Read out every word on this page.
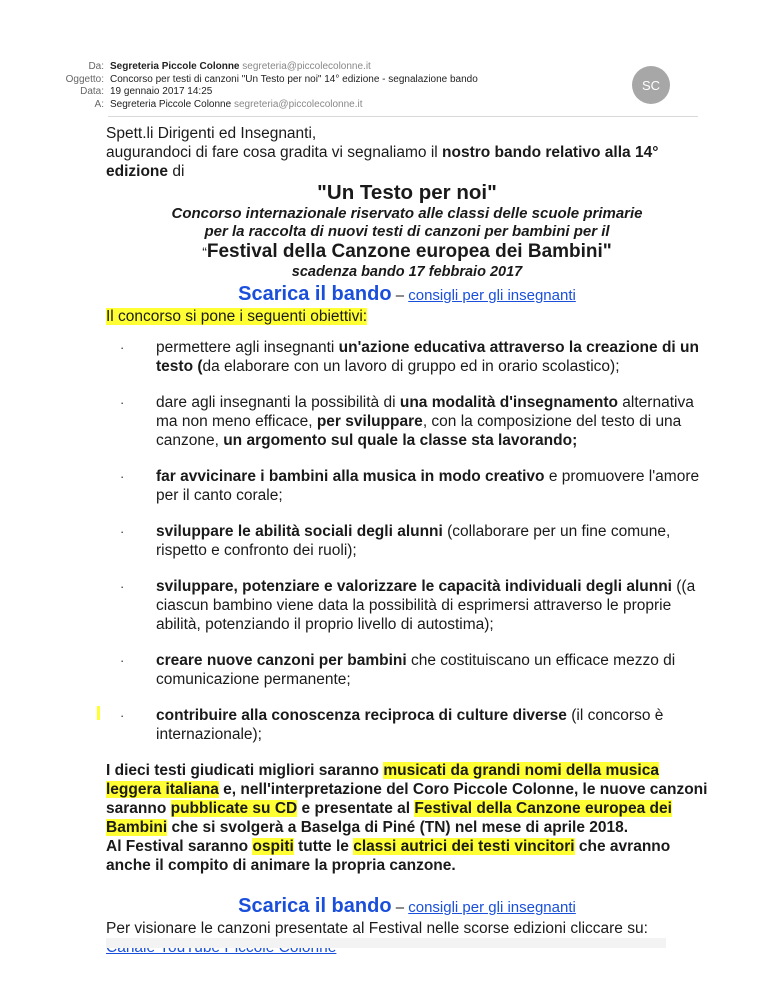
Da: Segreteria Piccole Colonne segreteria@piccolecolonne.it
Oggetto: Concorso per testi di canzoni "Un Testo per noi" 14° edizione - segnalazione bando
Data: 19 gennaio 2017 14:25
A: Segreteria Piccole Colonne segreteria@piccolecolonne.it
SC

Spett.li Dirigenti ed Insegnanti,

augurandoci di fare cosa gradita vi segnaliamo il nostro bando relativo alla 14° edizione di

"Un Testo per noi"

Concorso internazionale riservato alle classi delle scuole primarie

per la raccolta di nuovi testi di canzoni per bambini per il

“Festival della Canzone europea dei Bambini"

scadenza bando 17 febbraio 2017

Scarica il bando – consigli per gli insegnanti

Il concorso si pone i seguenti obiettivi:

· permettere agli insegnanti un'azione educativa attraverso la creazione di un testo (da elaborare con un lavoro di gruppo ed in orario scolastico);
· dare agli insegnanti la possibilità di una modalità d'insegnamento alternativa ma non meno efficace, per sviluppare, con la composizione del testo di una canzone, un argomento sul quale la classe sta lavorando;
· far avvicinare i bambini alla musica in modo creativo e promuovere l'amore per il canto corale;
· sviluppare le abilità sociali degli alunni (collaborare per un fine comune, rispetto e confronto dei ruoli);
· sviluppare, potenziare e valorizzare le capacità individuali degli alunni ((a ciascun bambino viene data la possibilità di esprimersi attraverso le proprie abilità, potenziando il proprio livello di autostima);
· creare nuove canzoni per bambini che costituiscano un efficace mezzo di comunicazione permanente;
· contribuire alla conoscenza reciproca di culture diverse (il concorso è internazionale);

I dieci testi giudicati migliori saranno musicati da grandi nomi della musica leggera italiana e, nell'interpretazione del Coro Piccole Colonne, le nuove canzoni saranno pubblicate su CD e presentate al Festival della Canzone europea dei Bambini che si svolgerà a Baselga di Piné (TN) nel mese di aprile 2018.
Al Festival saranno ospiti tutte le classi autrici dei testi vincitori che avranno anche il compito di animare la propria canzone.

Scarica il bando – consigli per gli insegnanti

Per visionare le canzoni presentate al Festival nelle scorse edizioni cliccare su:
